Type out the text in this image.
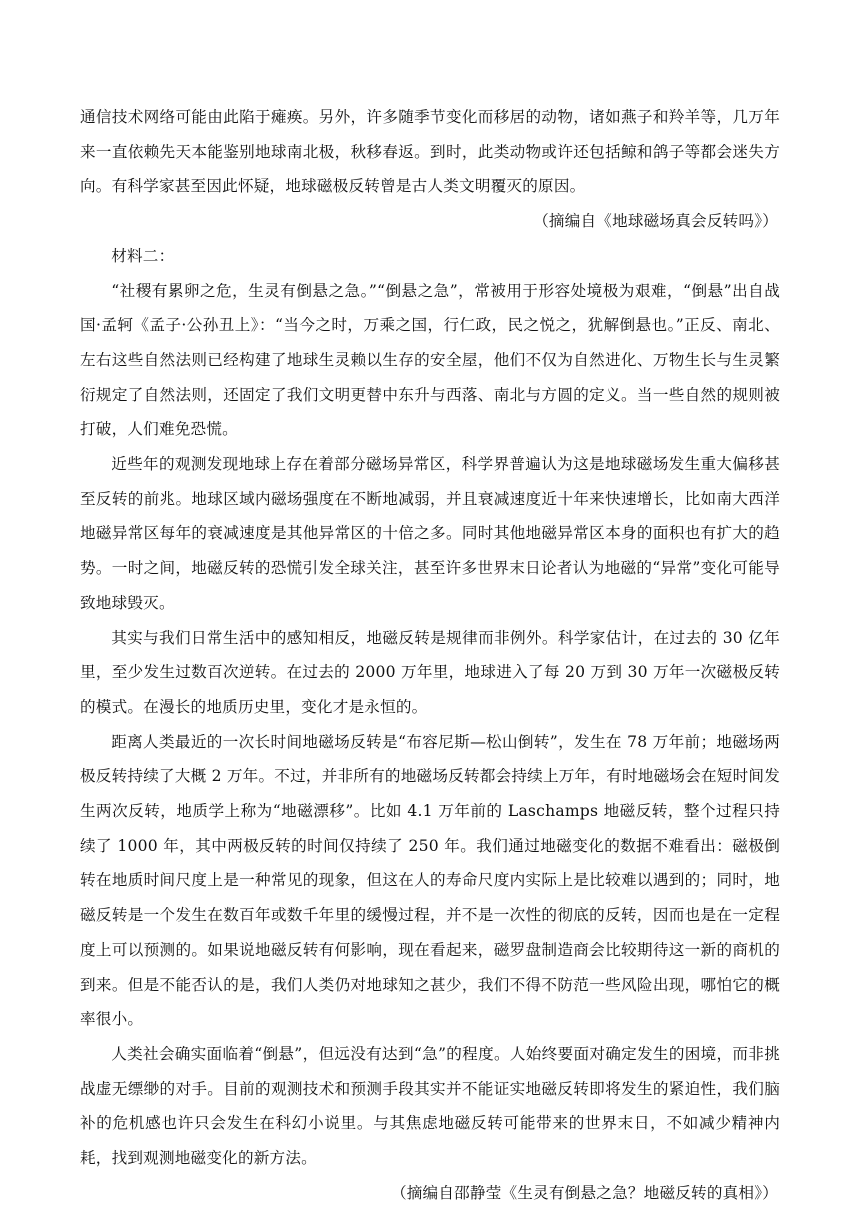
通信技术网络可能由此陷于瘫痪。另外，许多随季节变化而移居的动物，诸如燕子和羚羊等，几万年来一直依赖先天本能鉴别地球南北极，秋移春返。到时，此类动物或许还包括鲸和鸽子等都会迷失方向。有科学家甚至因此怀疑，地球磁极反转曾是古人类文明覆灭的原因。

（摘编自《地球磁场真会反转吗》）

材料二：

“社稷有累卵之危，生灵有倒悬之急。”“倒悬之急”，常被用于形容处境极为艰难，“倒悬”出自战国·孟轲《孟子·公孙丑上》：“当今之时，万乘之国，行仁政，民之悦之，犹解倒悬也。”正反、南北、左右这些自然法则已经构建了地球生灵赖以生存的安全屋，他们不仅为自然进化、万物生长与生灵繁衍规定了自然法则，还固定了我们文明更替中东升与西落、南北与方圆的定义。当一些自然的规则被打破，人们难免恐慌。

近些年的观测发现地球上存在着部分磁场异常区，科学界普遍认为这是地球磁场发生重大偏移甚至反转的前兆。地球区域内磁场强度在不断地减弱，并且衰减速度近十年来快速增长，比如南大西洋地磁异常区每年的衰减速度是其他异常区的十倍之多。同时其他地磁异常区本身的面积也有扩大的趋势。一时之间，地磁反转的恐慌引发全球关注，甚至许多世界末日论者认为地磁的“异常”变化可能导致地球毁灭。

其实与我们日常生活中的感知相反，地磁反转是规律而非例外。科学家估计，在过去的 30 亿年里，至少发生过数百次逆转。在过去的 2000 万年里，地球进入了每 20 万到 30 万年一次磁极反转的模式。在漫长的地质历史里，变化才是永恒的。

距离人类最近的一次长时间地磁场反转是“布容尼斯—松山倒转”，发生在 78 万年前；地磁场两极反转持续了大概 2 万年。不过，并非所有的地磁场反转都会持续上万年，有时地磁场会在短时间发生两次反转，地质学上称为“地磁漂移”。比如 4.1 万年前的 Laschamps 地磁反转，整个过程只持续了 1000 年，其中两极反转的时间仅持续了 250 年。我们通过地磁变化的数据不难看出：磁极倒转在地质时间尺度上是一种常见的现象，但这在人的寿命尺度内实际上是比较难以遇到的；同时，地磁反转是一个发生在数百年或数千年里的缓慢过程，并不是一次性的彻底的反转，因而也是在一定程度上可以预测的。如果说地磁反转有何影响，现在看起来，磁罗盘制造商会比较期待这一新的商机的到来。但是不能否认的是，我们人类仍对地球知之甚少，我们不得不防范一些风险出现，哪怕它的概率很小。

人类社会确实面临着“倒悬”，但远没有达到“急”的程度。人始终要面对确定发生的困境，而非挑战虚无缥缈的对手。目前的观测技术和预测手段其实并不能证实地磁反转即将发生的紧迫性，我们脑补的危机感也许只会发生在科幻小说里。与其焦虑地磁反转可能带来的世界末日，不如减少精神内耗，找到观测地磁变化的新方法。

（摘编自邵静莹《生灵有倒悬之急？地磁反转的真相》）
